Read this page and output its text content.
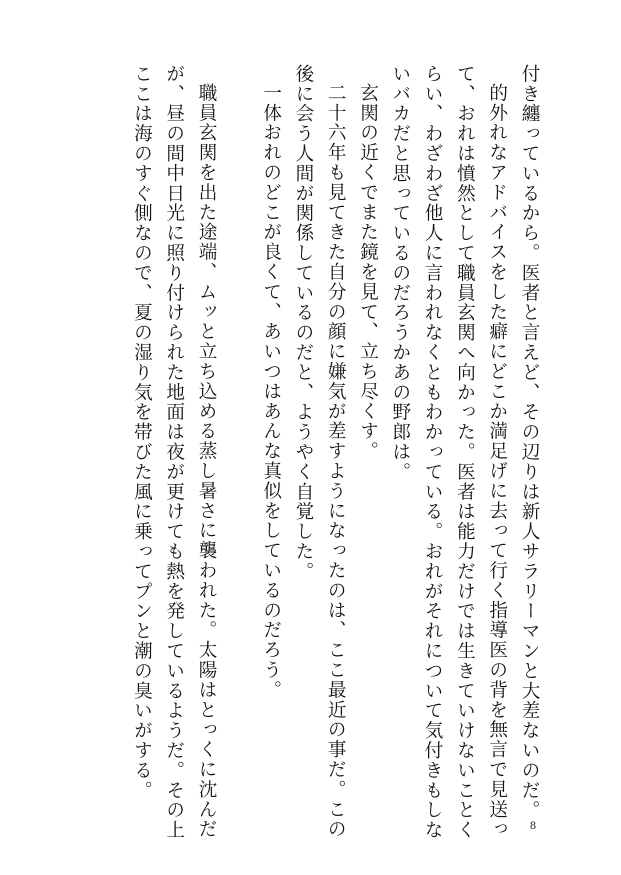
付き纏っているから。医者と言えど、その辺りは新人サラリーマンと大差ないのだ。

的外れなアドバイスをした癖にどこか満足げに去って行く指導医の背を無言で見送っ

て、おれは憤然として職員玄関へ向かった。医者は能力だけでは生きていけないことく

らい、わざわざ他人に言われなくともわかっている。おれがそれについて気付きもしな

いバカだと思っているのだろうかあの野郎は。

玄関の近くでまた鏡を見て、立ち尽くす。

二十六年も見てきた自分の顔に嫌気が差すようになったのは、ここ最近の事だ。この

後に会う人間が関係しているのだと、ようやく自覚した。

一体おれのどこが良くて、あいつはあんな真似をしているのだろう。

職員玄関を出た途端、ムッと立ち込める蒸し暑さに襲われた。太陽はとっくに沈んだ

が、昼の間中日光に照り付けられた地面は夜が更けても熱を発しているようだ。その上

ここは海のすぐ側なので、夏の湿り気を帯びた風に乗ってプンと潮の臭いがする。

8
